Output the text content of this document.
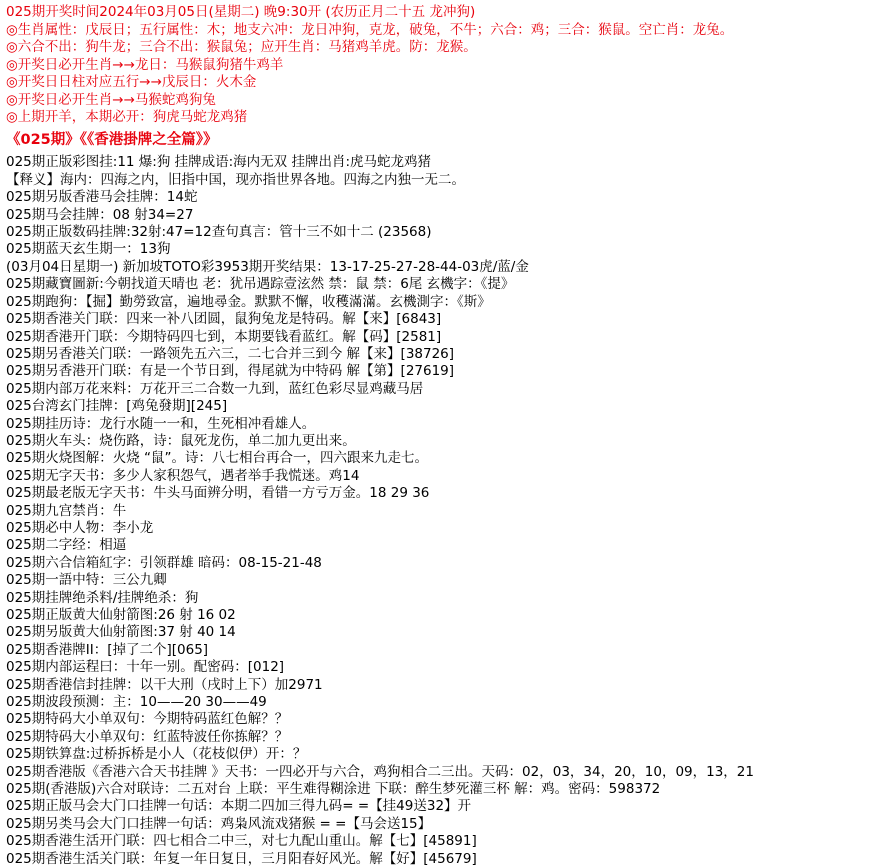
025期开奖时间2024年03月05日(星期二) 晚9:30开 (农历正月二十五 龙冲狗)
◎生肖属性：戊辰日；五行属性：木；地支六冲：龙日冲狗，克龙，破兔，不牛；六合：鸡；三合：猴鼠。空亡肖：龙兔。
◎六合不出：狗牛龙；三合不出：猴鼠兔；应开生肖：马猪鸡羊虎。防：龙猴。
◎开奖日必开生肖→→龙日：马猴鼠狗猪牛鸡羊
◎开奖日日柱对应五行→→戊辰日：火木金
◎开奖日必开生肖→→马猴蛇鸡狗兔
◎上期开羊，本期必开：狗虎马蛇龙鸡猪
《025期》《《香港掛牌之全篇》》
025期正版彩图挂:11 爆:狗 挂牌成语:海内无双 挂牌出肖:虎马蛇龙鸡猪
【释义】海内：四海之内，旧指中国，现亦指世界各地。四海之内独一无二。
025期另版香港马会挂牌：14蛇
025期马会挂牌：08 射34=27
025期正版数码挂牌:32射:47=12查句真言：管十三不如十二 (23568)
025期蓝天玄生期一：13狗
(03月04日星期一) 新加坡TOTO彩3953期开奖结果：13-17-25-27-28-44-03虎/蓝/金
025期藏寶圖新:今朝找道天晴也 老：犹吊遇踪壹泫然 禁：鼠 禁：6尾 玄機字：《提》
025期跑狗：【掘】勤勞致富，遍地尋金。默默不懈，收穫滿滿。玄機測字：《斯》
025期香港关门联：四来一补八团圆，鼠狗兔龙是特码。解【来】[6843]
025期香港开门联：今期特码四七到，本期要钱看蓝红。解【码】[2581]
025期另香港关门联：一路领先五六三，二七合并三到今 解【来】[38726]
025期另香港开门联：有是一个节日到，得尾就为中特码 解【第】[27619]
025期内部万花来料：万花开三二合数一九到，蓝红色彩尽显鸡藏马居
025台湾玄门挂牌：[鸡兔發期][245]
025期挂历诗：龙行水随一一和，生死相冲看雄人。
025期火车头：烧伤路，诗：鼠死龙伤，单二加九更出来。
025期火烧图解：火烧 “鼠”。诗：八七相台再合一，四六跟来九走七。
025期无字天书：多少人家积怨气，遇者举手我慌迷。鸡14
025期最老版无字天书：牛头马面辨分明，看错一方亏万金。18 29 36
025期九宫禁肖：牛
025期必中人物：李小龙
025期二字经：相逼
025期六合信箱紅字：引领群雄 暗码：08-15-21-48
025期一語中特：三公九卿
025期挂牌绝杀料/挂牌绝杀：狗
025期正版黄大仙射箭图:26 射 16 02
025期另版黄大仙射箭图:37 射 40 14
025期香港牌II：[掉了二个][065]
025期内部运程曰：十年一别。配密码：[012]
025期香港信封挂牌：以干大刑（戌时上下）加2971
025期波段预测：主：10——20 30——49
025期特码大小单双句：今期特码蓝红色解？？
025期特码大小单双句：红蓝特波任你拣解？？
025期铁算盘:过桥拆桥是小人（花枝似伊）开：？
025期香港版《香港六合天书挂牌 》天书：一四必开与六合，鸡狗相合二三出。天码：02，03，34，20，10，09，13，21
025期(香港版)六合对联诗：二五对台 上联：平生难得糊涂进 下联：醉生梦死灌三杯 解：鸡。密码：598372
025期正版马会大门口挂牌一句话：本期二四加三得九码= =【挂49送32】开
025期另类马会大门口挂牌一句话：鸡枭风流戏猪猴 = =【马会送15】
025期香港生活开门联：四七相合二中三，对七九配山重山。解【七】[45891]
025期香港生活关门联：年复一年日复日，三月阳春好风光。解【好】[45679]
